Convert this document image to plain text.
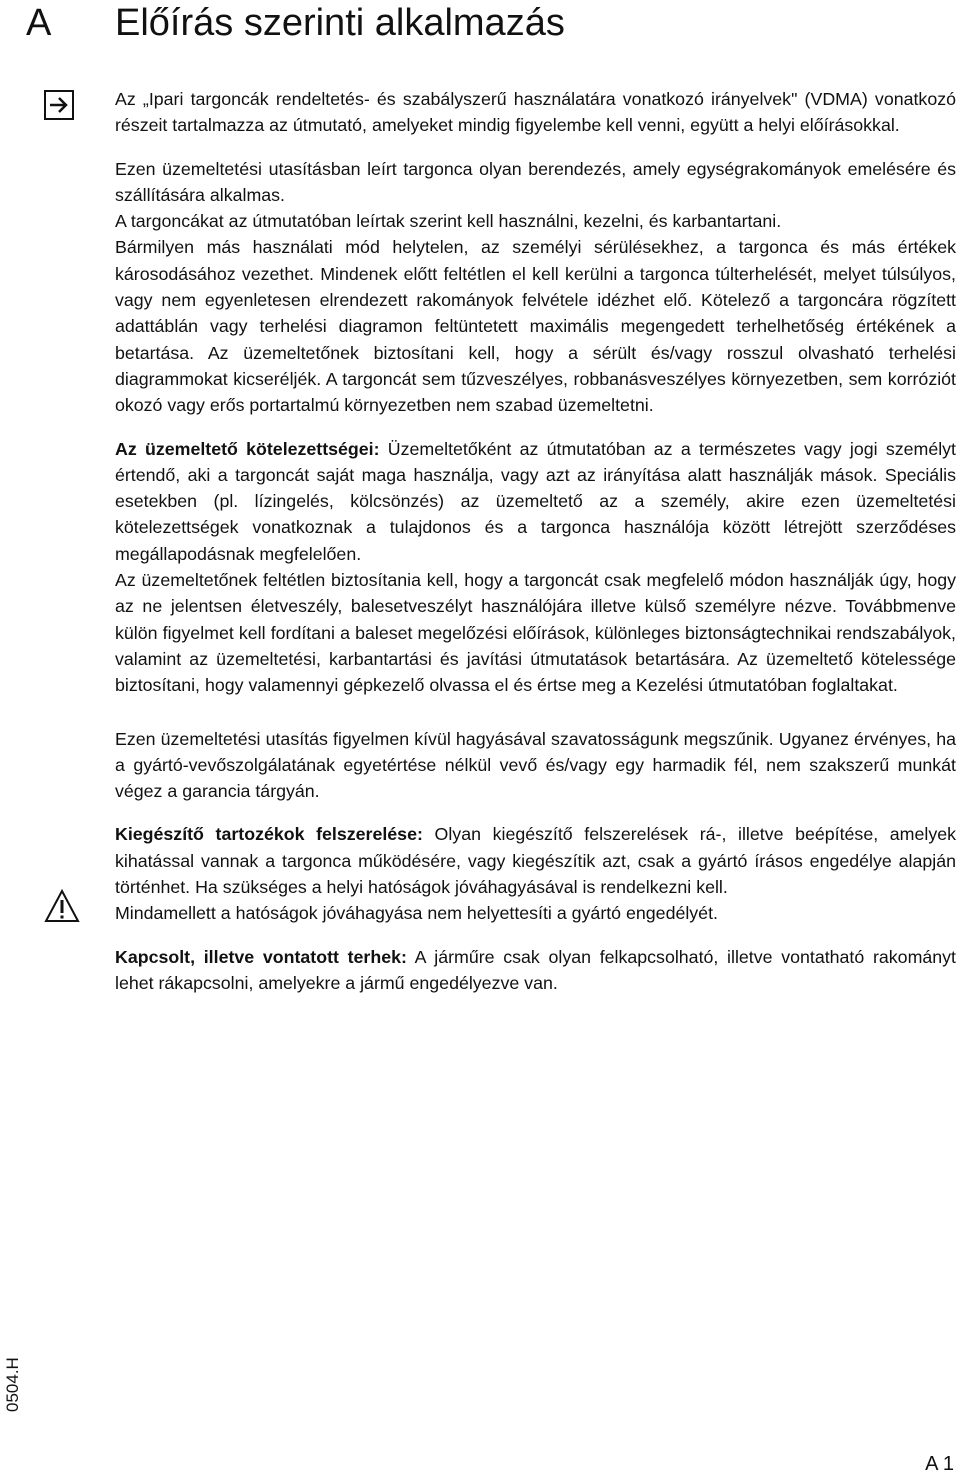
A Előírás szerinti alkalmazás

Az „Ipari targoncák rendeltetés- és szabályszerű használatára vonatkozó irányelvek" (VDMA) vonatkozó részeit tartalmazza az útmutató, amelyeket mindig figyelembe kell venni, együtt a helyi előírásokkal.

Ezen üzemeltetési utasításban leírt targonca olyan berendezés, amely egységrakományok emelésére és szállítására alkalmas.

A targoncákat az útmutatóban leírtak szerint kell használni, kezelni, és karbantartani.

Bármilyen más használati mód helytelen, az személyi sérülésekhez, a targonca és más értékek károsodásához vezethet. Mindenek előtt feltétlen el kell kerülni a targonca túlterhelését, melyet túlsúlyos, vagy nem egyenletesen elrendezett rakományok felvétele idézhet elő. Kötelező a targoncára rögzített adattáblán vagy terhelési diagramon feltüntetett maximális megengedett terhelhetőség értékének a betartása. Az üzemeltetőnek biztosítani kell, hogy a sérült és/vagy rosszul olvasható terhelési diagrammokat kicseréljék. A targoncát sem tűzveszélyes, robbanásveszélyes környezetben, sem korróziót okozó vagy erős portartalmú környezetben nem szabad üzemeltetni.

Az üzemeltető kötelezettségei: Üzemeltetőként az útmutatóban az a természetes vagy jogi személyt értendő, aki a targoncát saját maga használja, vagy azt az irányítása alatt használják mások. Speciális esetekben (pl. lízingelés, kölcsönzés) az üzemeltető az a személy, akire ezen üzemeltetési kötelezettségek vonatkoznak a tulajdonos és a targonca használója között létrejött szerződéses megállapodásnak megfelelően.

Az üzemeltetőnek feltétlen biztosítania kell, hogy a targoncát csak megfelelő módon használják úgy, hogy az ne jelentsen életveszély, balesetveszélyt használójára illetve külső személyre nézve. Továbbmenve külön figyelmet kell fordítani a baleset megelőzési előírások, különleges biztonságtechnikai rendszabályok, valamint az üzemeltetési, karbantartási és javítási útmutatások betartására. Az üzemeltető kötelessége biztosítani, hogy valamennyi gépkezelő olvassa el és értse meg a Kezelési útmutatóban foglaltakat.

Ezen üzemeltetési utasítás figyelmen kívül hagyásával szavatosságunk megszűnik. Ugyanez érvényes, ha a gyártó-vevőszolgálatának egyetértése nélkül vevő és/vagy egy harmadik fél, nem szakszerű munkát végez a garancia tárgyán.

Kiegészítő tartozékok felszerelése: Olyan kiegészítő felszerelések rá-, illetve beépítése, amelyek kihatással vannak a targonca működésére, vagy kiegészítik azt, csak a gyártó írásos engedélye alapján történhet. Ha szükséges a helyi hatóságok jóváhagyásával is rendelkezni kell.

Mindamellett a hatóságok jóváhagyása nem helyettesíti a gyártó engedélyét.

Kapcsolt, illetve vontatott terhek: A járműre csak olyan felkapcsolható, illetve vontatható rakományt lehet rákapcsolni, amelyekre a jármű engedélyezve van.

0504.H
A 1
